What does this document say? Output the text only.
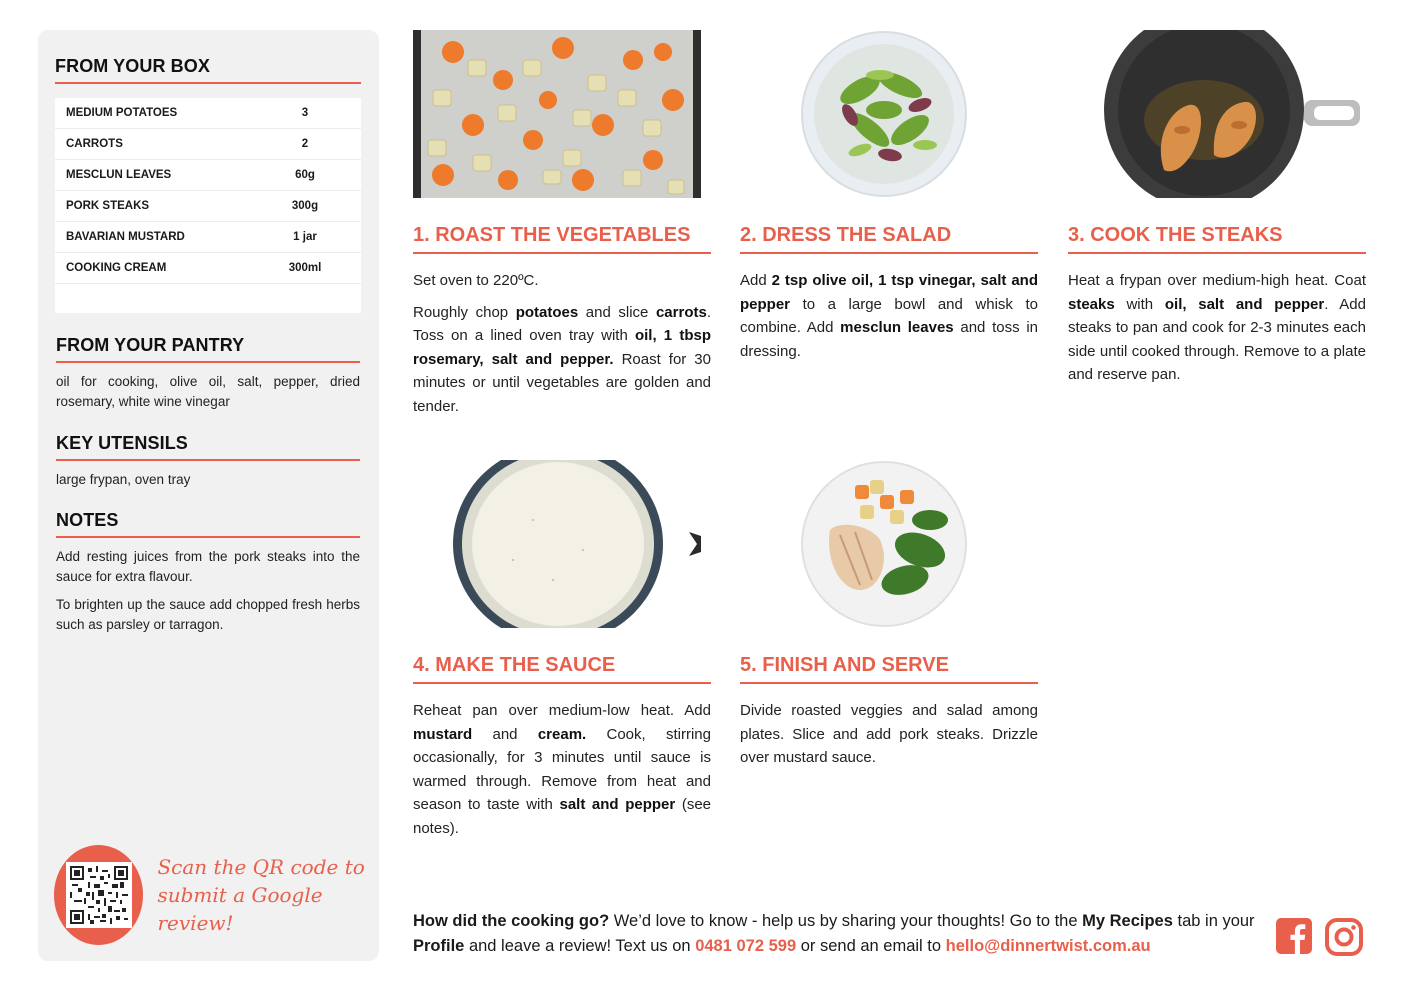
FROM YOUR BOX
MEDIUM POTATOES	3
CARROTS	2
MESCLUN LEAVES	60g
PORK STEAKS	300g
BAVARIAN MUSTARD	1 jar
COOKING CREAM	300ml
FROM YOUR PANTRY

oil for cooking, olive oil, salt, pepper, dried rosemary, white wine vinegar

KEY UTENSILS

large frypan, oven tray

NOTES

Add resting juices from the pork steaks into the sauce for extra flavour.

To brighten up the sauce add chopped fresh herbs such as parsley or tarragon.

Scan the QR code to
submit a Google review!
1. ROAST THE VEGETABLES

Set oven to 220ºC.

Roughly chop potatoes and slice carrots. Toss on a lined oven tray with oil, 1 tbsp rosemary, salt and pepper. Roast for 30 minutes or until vegetables are golden and tender.

2. DRESS THE SALAD

Add 2 tsp olive oil, 1 tsp vinegar, salt and pepper to a large bowl and whisk to combine. Add mesclun leaves and toss in dressing.

3. COOK THE STEAKS

Heat a frypan over medium-high heat. Coat steaks with oil, salt and pepper. Add steaks to pan and cook for 2-3 minutes each side until cooked through. Remove to a plate and reserve pan.

4. MAKE THE SAUCE

Reheat pan over medium-low heat. Add mustard and cream. Cook, stirring occasionally, for 3 minutes until sauce is warmed through. Remove from heat and season to taste with salt and pepper (see notes).

5. FINISH AND SERVE

Divide roasted veggies and salad among plates. Slice and add pork steaks. Drizzle over mustard sauce.

How did the cooking go? We’d love to know - help us by sharing your thoughts! Go to the My Recipes tab in your Profile and leave a review! Text us on 0481 072 599 or send an email to hello@dinnertwist.com.au
